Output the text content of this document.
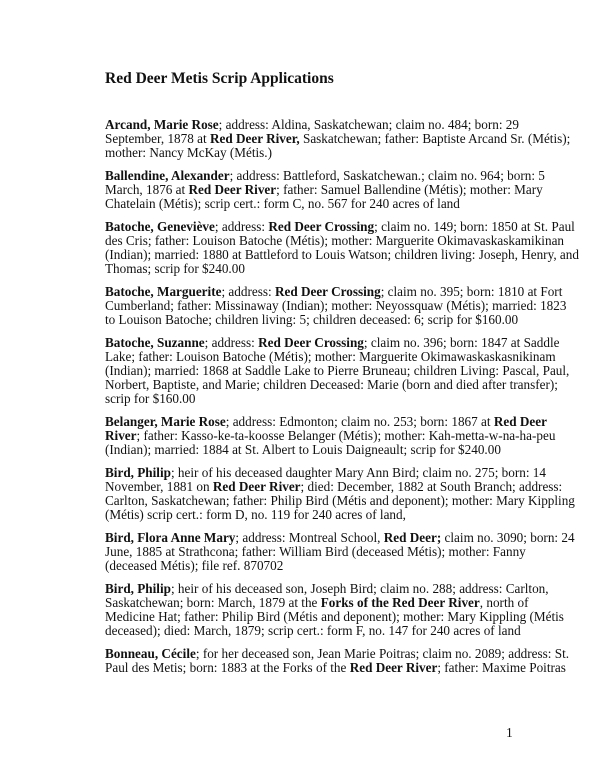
Red Deer Metis Scrip Applications
Arcand, Marie Rose; address: Aldina, Saskatchewan; claim no. 484; born: 29
September, 1878 at Red Deer River, Saskatchewan; father: Baptiste Arcand Sr. (Métis);
mother: Nancy McKay (Métis.)
Ballendine, Alexander; address: Battleford, Saskatchewan.; claim no. 964; born: 5
March, 1876 at Red Deer River; father: Samuel Ballendine (Métis); mother: Mary
Chatelain (Métis); scrip cert.: form C, no. 567 for 240 acres of land
Batoche, Geneviève; address: Red Deer Crossing; claim no. 149; born: 1850 at St. Paul
des Cris; father: Louison Batoche (Métis); mother: Marguerite Okimavaskaskamikinan
(Indian); married: 1880 at Battleford to Louis Watson; children living: Joseph, Henry, and
Thomas; scrip for $240.00
Batoche, Marguerite; address: Red Deer Crossing; claim no. 395; born: 1810 at Fort
Cumberland; father: Missinaway (Indian); mother: Neyossquaw (Métis); married: 1823
to Louison Batoche; children living: 5; children deceased: 6; scrip for $160.00
Batoche, Suzanne; address: Red Deer Crossing; claim no. 396; born: 1847 at Saddle
Lake; father: Louison Batoche (Métis); mother: Marguerite Okimawaskaskasnikinam
(Indian); married: 1868 at Saddle Lake to Pierre Bruneau; children Living: Pascal, Paul,
Norbert, Baptiste, and Marie; children Deceased: Marie (born and died after transfer);
scrip for $160.00
Belanger, Marie Rose; address: Edmonton; claim no. 253; born: 1867 at Red Deer
River; father: Kasso-ke-ta-koosse Belanger (Métis); mother: Kah-metta-w-na-ha-peu
(Indian); married: 1884 at St. Albert to Louis Daigneault; scrip for $240.00
Bird, Philip; heir of his deceased daughter Mary Ann Bird; claim no. 275; born: 14
November, 1881 on Red Deer River; died: December, 1882 at South Branch; address:
Carlton, Saskatchewan; father: Philip Bird (Métis and deponent); mother: Mary Kippling
(Métis) scrip cert.: form D, no. 119 for 240 acres of land,
Bird, Flora Anne Mary; address: Montreal School, Red Deer; claim no. 3090; born: 24
June, 1885 at Strathcona; father: William Bird (deceased Métis); mother: Fanny
(deceased Métis); file ref. 870702
Bird, Philip; heir of his deceased son, Joseph Bird; claim no. 288; address: Carlton,
Saskatchewan; born: March, 1879 at the Forks of the Red Deer River, north of
Medicine Hat; father: Philip Bird (Métis and deponent); mother: Mary Kippling (Métis
deceased); died: March, 1879; scrip cert.: form F, no. 147 for 240 acres of land
Bonneau, Cécile; for her deceased son, Jean Marie Poitras; claim no. 2089; address: St.
Paul des Metis; born: 1883 at the Forks of the Red Deer River; father: Maxime Poitras
1
